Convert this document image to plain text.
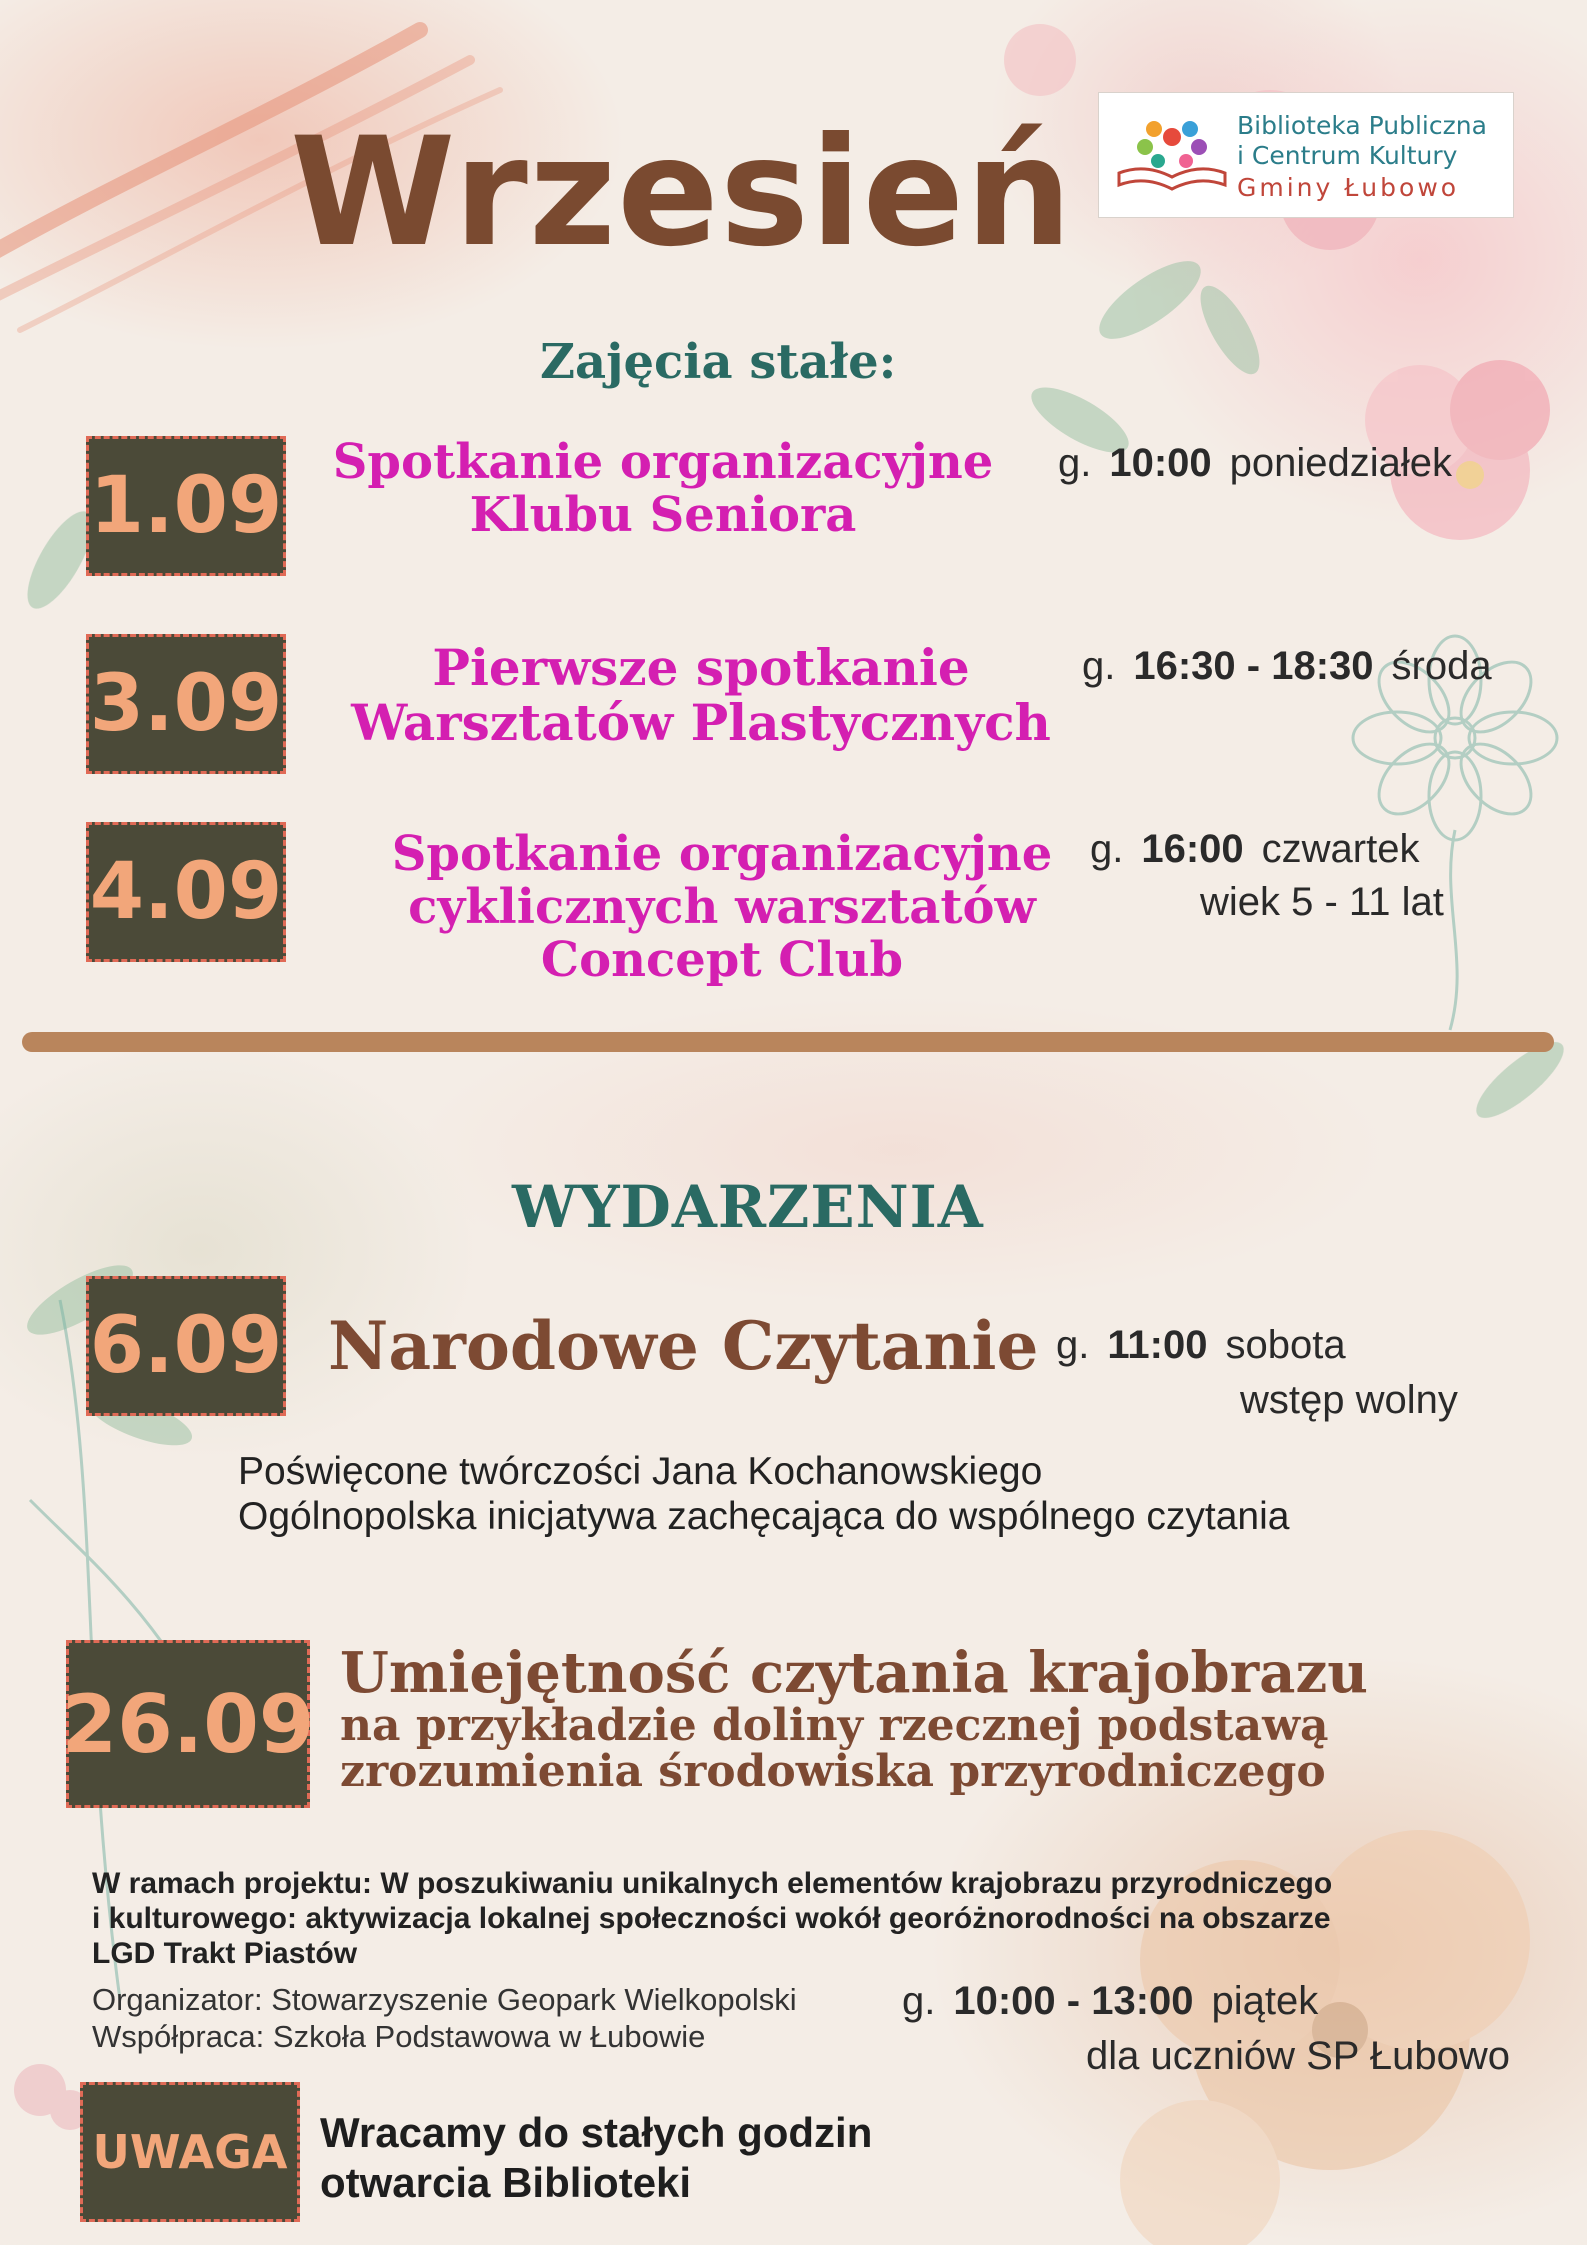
Wrzesień	Biblioteka Publiczna
i Centrum Kultury
Gminy Łubowo
Zajęcia stałe:
1.09	Spotkanie organizacyjne
Klubu Seniora
g. 10:00 poniedziałek
3.09	Pierwsze spotkanie
Warsztatów Plastycznych
g. 16:30 - 18:30 środa
4.09 Spotkanie organizacyjne
cyklicznych warsztatów
Concept Club
g. 16:00 czwartek
wiek 5 - 11 lat
WYDARZENIA
6.09 Narodowe Czytanie g. 11:00 sobota
wstęp wolny
Poświęcone twórczości Jana Kochanowskiego
Ogólnopolska inicjatywa zachęcająca do wspólnego czytania
26.09
Umiejętność czytania krajobrazu
na przykładzie doliny rzecznej podstawą
zrozumienia środowiska przyrodniczego
W ramach projektu: W poszukiwaniu unikalnych elementów krajobrazu przyrodniczego
i kulturowego: aktywizacja lokalnej społeczności wokół georóżnorodności na obszarze
LGD Trakt Piastów
Organizator: Stowarzyszenie Geopark Wielkopolski
Współpraca: Szkoła Podstawowa w Łubowie
g. 10:00 - 13:00 piątek
dla uczniów SP Łubowo
UWAGA Wracamy do stałych godzin
otwarcia Biblioteki
